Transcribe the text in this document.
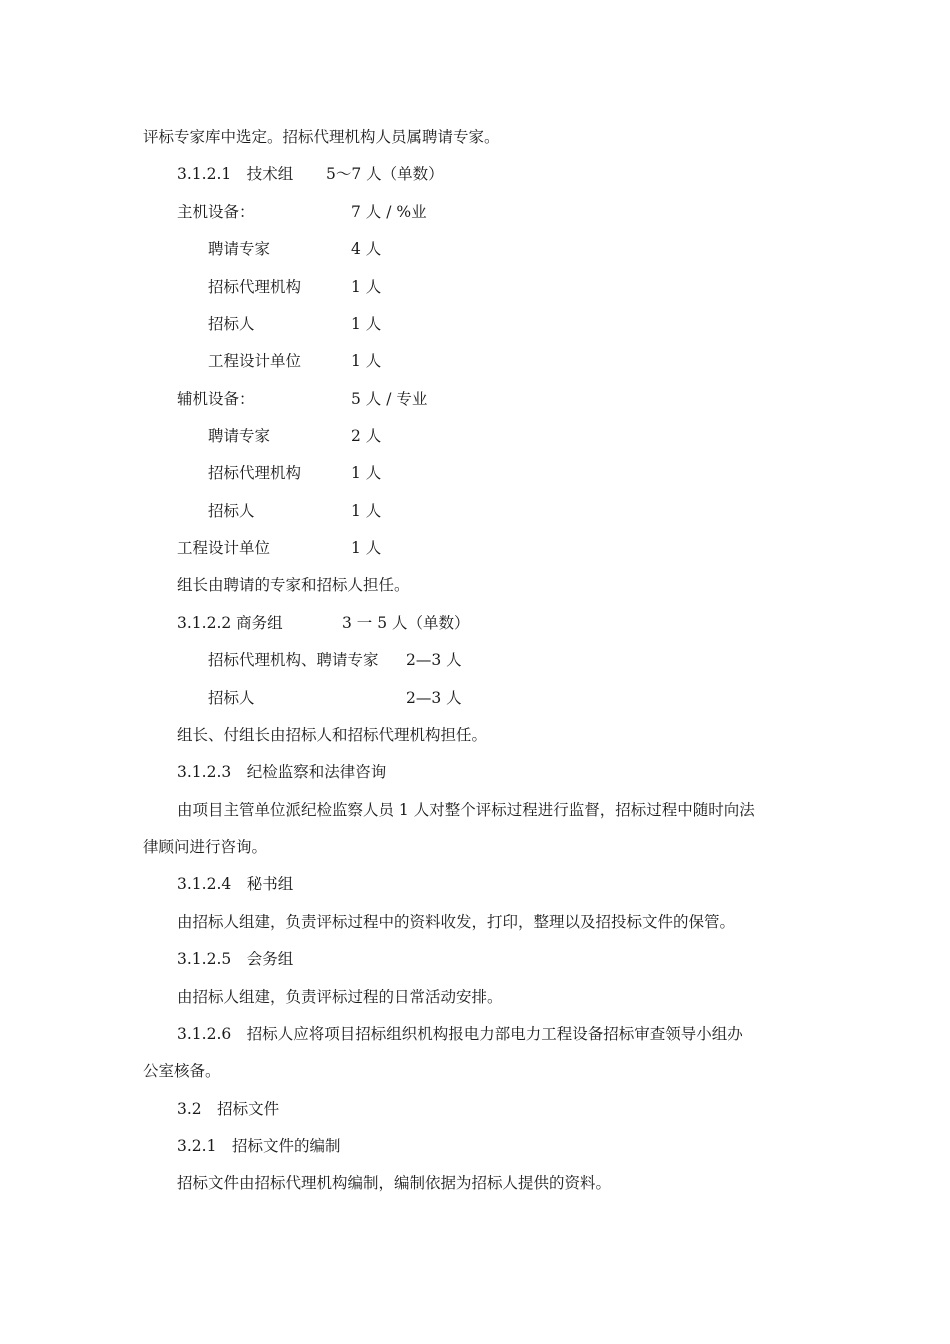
评标专家库中选定。招标代理机构人员属聘请专家。
3.1.2.1　技术组 5～7 人（单数）
主机设备：	7 人 / %业
聘请专家	4 人
招标代理机构	1 人
招标人	1 人
工程设计单位	1 人
辅机设备：	5 人 / 专业
聘请专家	2 人
招标代理机构	1 人
招标人	1 人
工程设计单位	1 人
组长由聘请的专家和招标人担任。
3.1.2.2 商务组	3 一 5 人（单数）
招标代理机构、聘请专家 2—3 人
招标人	2—3 人
组长、付组长由招标人和招标代理机构担任。
3.1.2.3　纪检监察和法律咨询
由项目主管单位派纪检监察人员 1 人对整个评标过程进行监督，招标过程中随时向法
律顾问进行咨询。
3.1.2.4　秘书组
由招标人组建，负责评标过程中的资料收发，打印，整理以及招投标文件的保管。
3.1.2.5　会务组
由招标人组建，负责评标过程的日常活动安排。
3.1.2.6　招标人应将项目招标组织机构报电力部电力工程设备招标审查领导小组办
公室核备。
3.2　招标文件
3.2.1　招标文件的编制
招标文件由招标代理机构编制，编制依据为招标人提供的资料。
